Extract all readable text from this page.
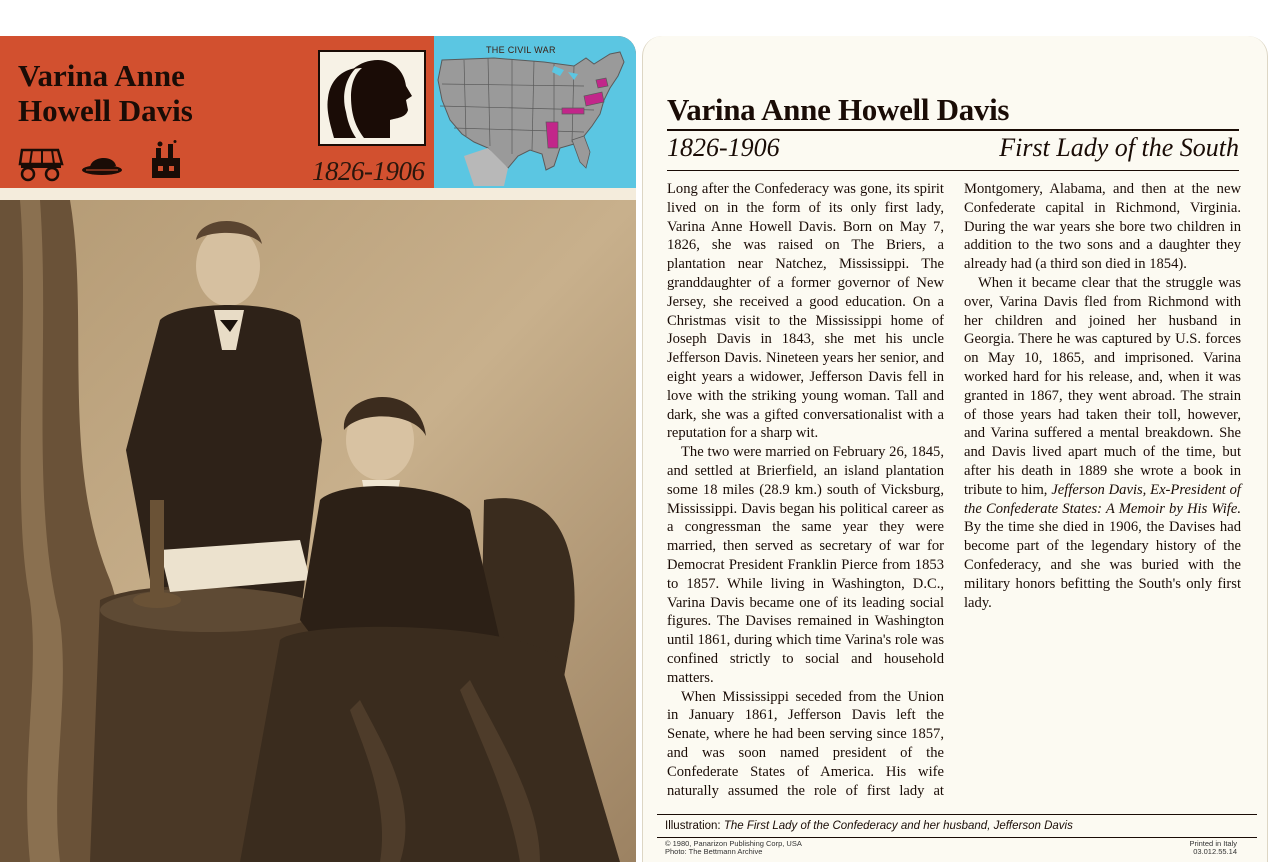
Varina Anne
Howell Davis
1826-1906
THE CIVIL WAR
Varina Anne Howell Davis
1826-1906	First Lady of the South

Long after the Confederacy was gone, its spirit lived on in the form of its only first lady, Varina Anne Howell Davis. Born on May 7, 1826, she was raised on The Briers, a plantation near Natchez, Mississippi. The granddaughter of a former governor of New Jersey, she received a good education. On a Christmas visit to the Mississippi home of Joseph Davis in 1843, she met his uncle Jefferson Davis. Nineteen years her senior, and eight years a widower, Jefferson Davis fell in love with the striking young woman. Tall and dark, she was a gifted conversationalist with a reputation for a sharp wit.

The two were married on February 26, 1845, and settled at Brierfield, an island plantation some 18 miles (28.9 km.) south of Vicksburg, Mississippi. Davis began his political career as a congressman the same year they were married, then served as secretary of war for Democrat President Franklin Pierce from 1853 to 1857. While living in Washington, D.C., Varina Davis became one of its leading social figures. The Davises remained in Washington until 1861, during which time Varina's role was confined strictly to social and household matters.

When Mississippi seceded from the Union in January 1861, Jefferson Davis left the Senate, where he had been serving since 1857, and was soon named president of the Confederate States of America. His wife naturally assumed the role of first lady at Montgomery, Alabama, and then at the new Confederate capital in Richmond, Virginia. During the war years she bore two children in addition to the two sons and a daughter they already had (a third son died in 1854).

When it became clear that the struggle was over, Varina Davis fled from Richmond with her children and joined her husband in Georgia. There he was captured by U.S. forces on May 10, 1865, and imprisoned. Varina worked hard for his release, and, when it was granted in 1867, they went abroad. The strain of those years had taken their toll, however, and Varina suffered a mental breakdown. She and Davis lived apart much of the time, but after his death in 1889 she wrote a book in tribute to him, Jefferson Davis, Ex-President of the Confederate States: A Memoir by His Wife. By the time she died in 1906, the Davises had become part of the legendary history of the Confederacy, and she was buried with the military honors befitting the South's only first lady.

Illustration: The First Lady of the Confederacy and her husband, Jefferson Davis
© 1980, Panarizon Publishing Corp, USA
Photo: The Bettmann Archive
Printed in Italy
03.012.55.14
